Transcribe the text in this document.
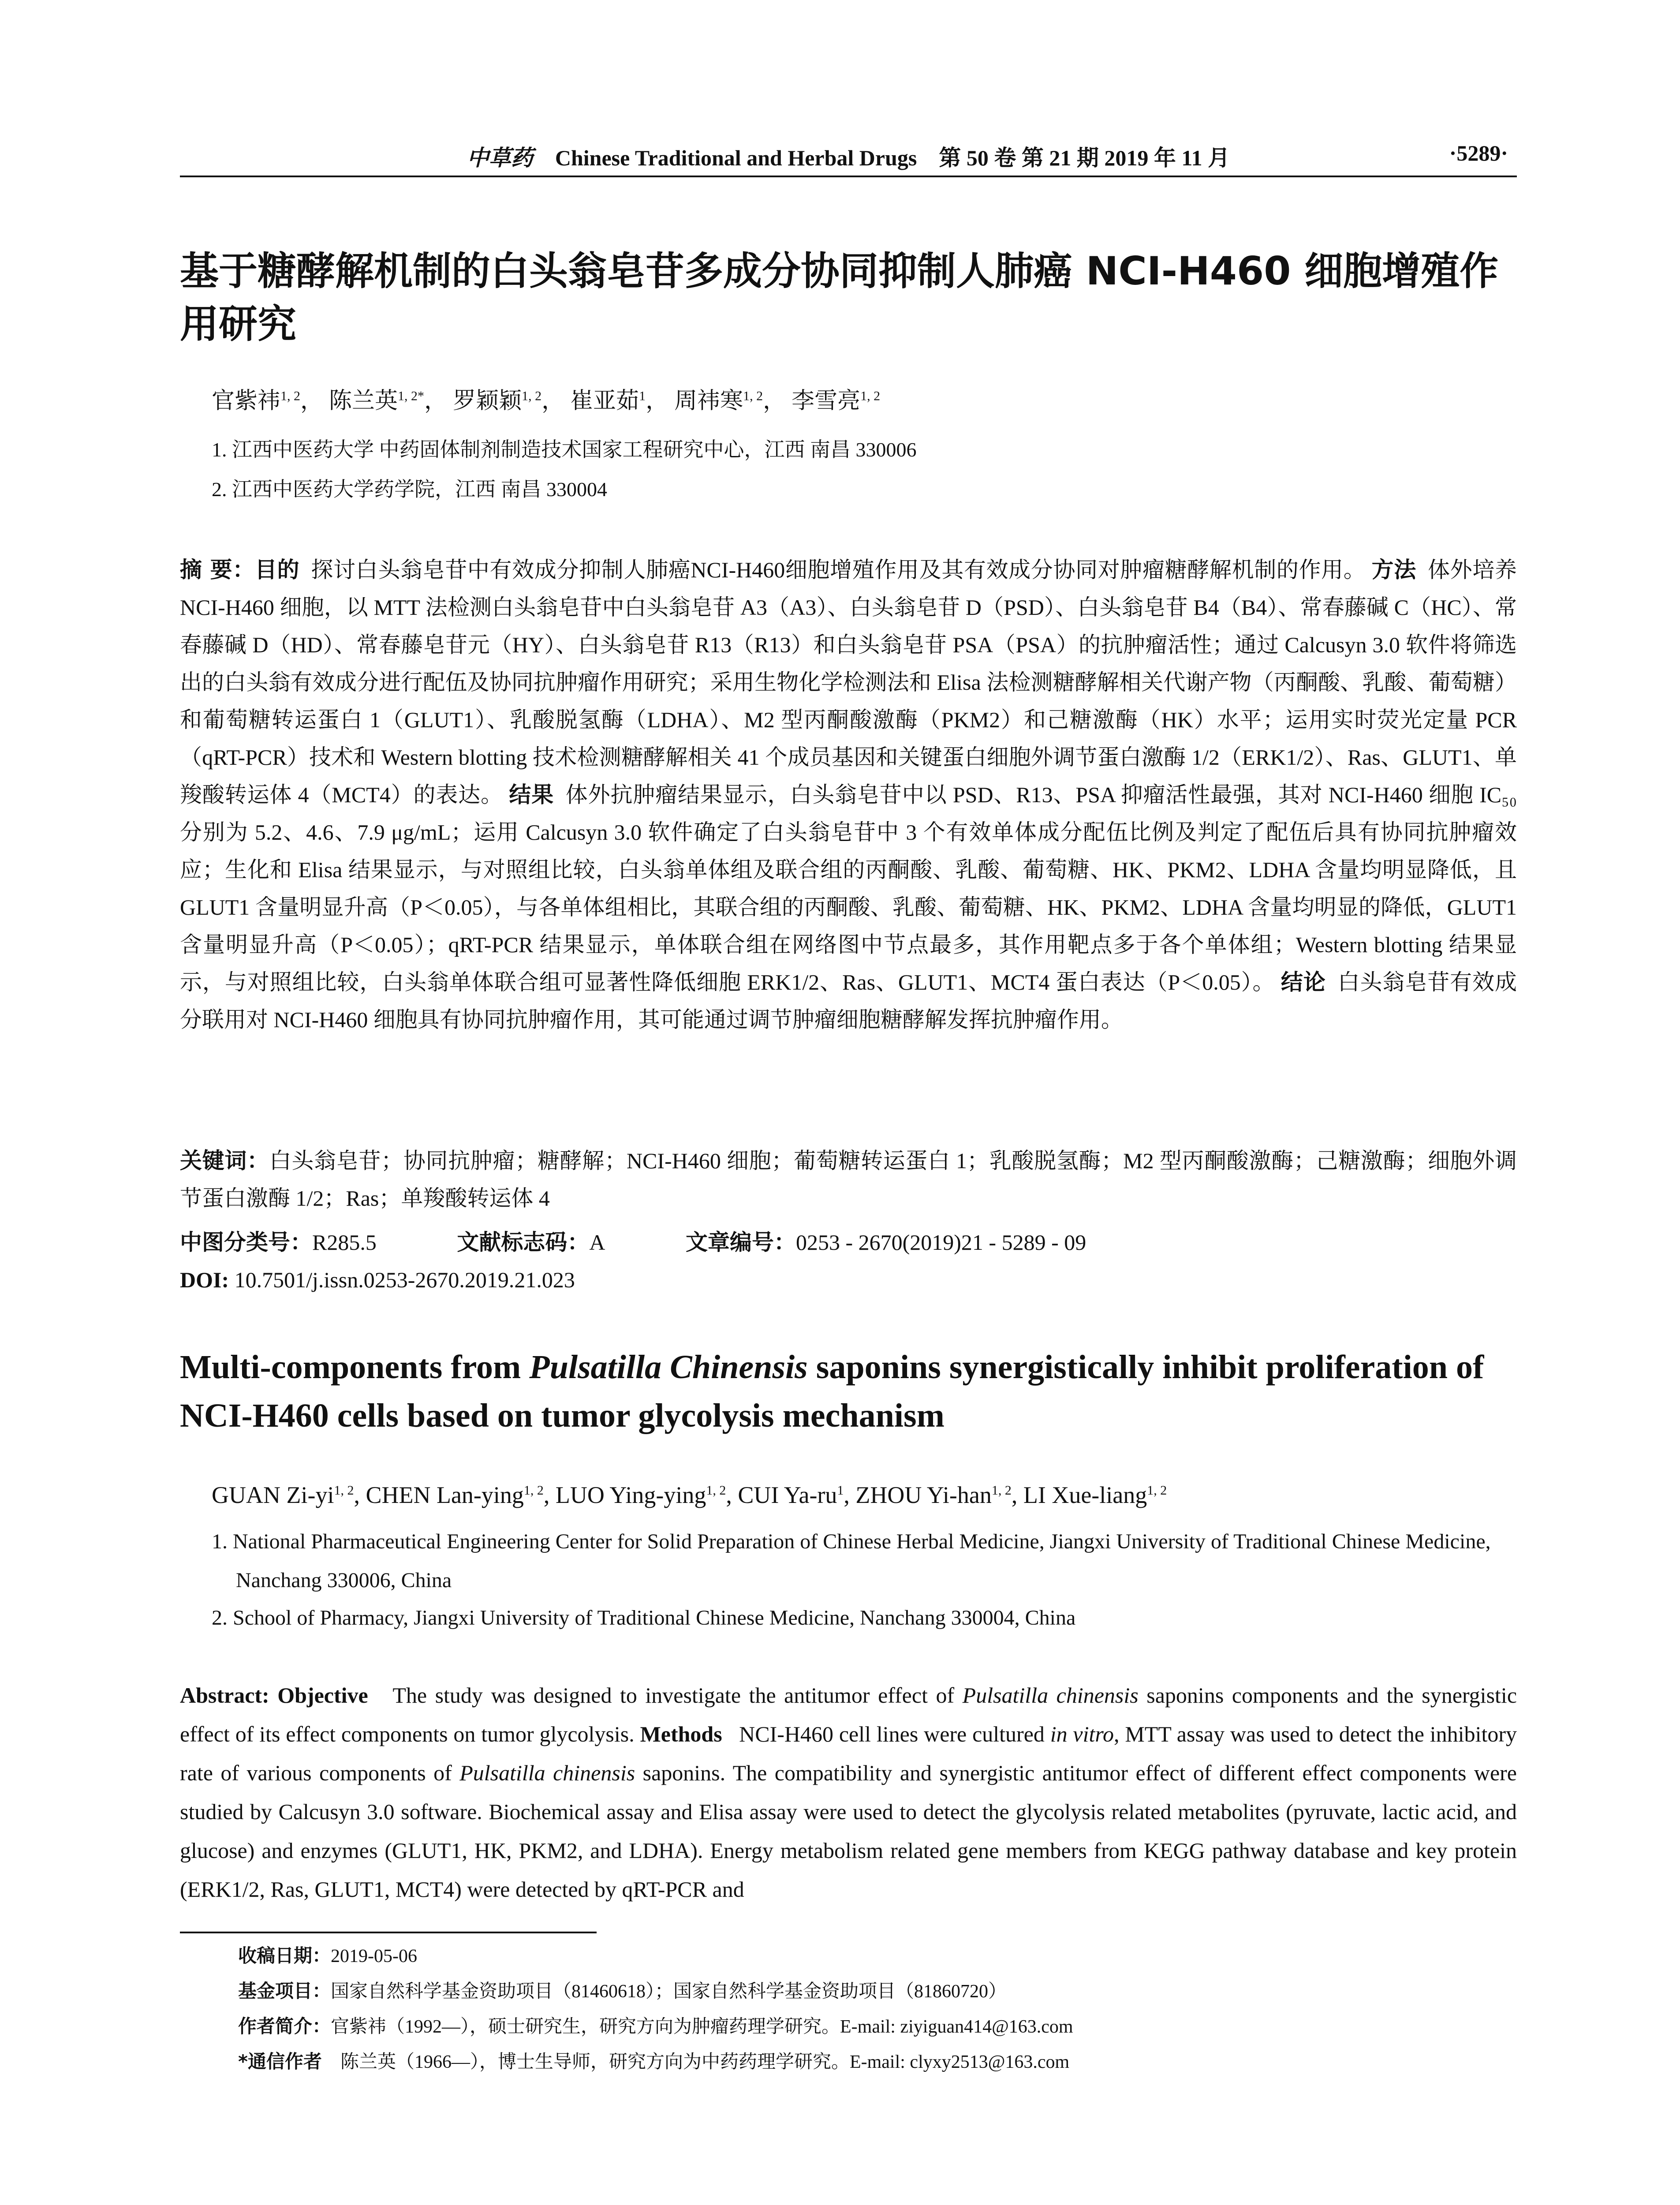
中草药 Chinese Traditional and Herbal Drugs 第 50 卷 第 21 期 2019 年 11 月	·5289·
基于糖酵解机制的白头翁皂苷多成分协同抑制人肺癌 NCI-H460 细胞增殖作用研究
官紫祎$^{1, 2}$， 陈兰英$^{1, 2*}$， 罗颖颖$^{1, 2}$， 崔亚茹$^1$， 周祎寒$^{1, 2}$， 李雪亮$^{1, 2}$
1. 江西中医药大学 中药固体制剂制造技术国家工程研究中心，江西 南昌 330006
2. 江西中医药大学药学院，江西 南昌 330004

摘 要：目的 探讨白头翁皂苷中有效成分抑制人肺癌NCI-H460细胞增殖作用及其有效成分协同对肿瘤糖酵解机制的作用。 方法 体外培养 NCI-H460 细胞，以 MTT 法检测白头翁皂苷中白头翁皂苷 A3（A3）、白头翁皂苷 D（PSD）、白头翁皂苷 B4（B4）、常春藤碱 C（HC）、常春藤碱 D（HD）、常春藤皂苷元（HY）、白头翁皂苷 R13（R13）和白头翁皂苷 PSA（PSA）的抗肿瘤活性；通过 Calcusyn 3.0 软件将筛选出的白头翁有效成分进行配伍及协同抗肿瘤作用研究；采用生物化学检测法和 Elisa 法检测糖酵解相关代谢产物（丙酮酸、乳酸、葡萄糖）和葡萄糖转运蛋白 1（GLUT1）、乳酸脱氢酶（LDHA）、M2 型丙酮酸激酶（PKM2）和己糖激酶（HK）水平；运用实时荧光定量 PCR（qRT-PCR）技术和 Western blotting 技术检测糖酵解相关 41 个成员基因和关键蛋白细胞外调节蛋白激酶 1/2（ERK1/2）、Ras、GLUT1、单羧酸转运体 4（MCT4）的表达。 结果 体外抗肿瘤结果显示，白头翁皂苷中以 PSD、R13、PSA 抑瘤活性最强，其对 NCI-H460 细胞 IC₅₀ 分别为 5.2、4.6、7.9 μg/mL；运用 Calcusyn 3.0 软件确定了白头翁皂苷中 3 个有效单体成分配伍比例及判定了配伍后具有协同抗肿瘤效应；生化和 Elisa 结果显示，与对照组比较，白头翁单体组及联合组的丙酮酸、乳酸、葡萄糖、HK、PKM2、LDHA 含量均明显降低，且 GLUT1 含量明显升高（P＜0.05），与各单体组相比，其联合组的丙酮酸、乳酸、葡萄糖、HK、PKM2、LDHA 含量均明显的降低，GLUT1 含量明显升高（P＜0.05）；qRT-PCR 结果显示，单体联合组在网络图中节点最多，其作用靶点多于各个单体组；Western blotting 结果显示，与对照组比较，白头翁单体联合组可显著性降低细胞 ERK1/2、Ras、GLUT1、MCT4 蛋白表达（P＜0.05）。 结论 白头翁皂苷有效成分联用对 NCI-H460 细胞具有协同抗肿瘤作用，其可能通过调节肿瘤细胞糖酵解发挥抗肿瘤作用。

关键词：白头翁皂苷；协同抗肿瘤；糖酵解；NCI-H460 细胞；葡萄糖转运蛋白 1；乳酸脱氢酶；M2 型丙酮酸激酶；己糖激酶；细胞外调节蛋白激酶 1/2；Ras；单羧酸转运体 4
中图分类号：R285.5	文献标志码：A	文章编号：0253 - 2670(2019)21 - 5289 - 09
DOI: 10.7501/j.issn.0253-2670.2019.21.023
Multi-components from Pulsatilla Chinensis saponins synergistically inhibit proliferation of NCI-H460 cells based on tumor glycolysis mechanism
GUAN Zi-yi$^{1, 2}$, CHEN Lan-ying$^{1, 2}$, LUO Ying-ying$^{1, 2}$, CUI $Ya-ru^1$, ZHOU Yi-han$^{1, 2}$, LI Xue-liang$^{1, 2}$
1. National Pharmaceutical Engineering Center for Solid Preparation of Chinese Herbal Medicine, Jiangxi University of Traditional Chinese Medicine, Nanchang 330006, China
2. School of Pharmacy, Jiangxi University of Traditional Chinese Medicine, Nanchang 330004, China

Abstract: Objective The study was designed to investigate the antitumor effect of Pulsatilla chinensis saponins components and the synergistic effect of its effect components on tumor glycolysis. Methods NCI-H460 cell lines were cultured in vitro, MTT assay was used to detect the inhibitory rate of various components of Pulsatilla chinensis saponins. The compatibility and synergistic antitumor effect of different effect components were studied by Calcusyn 3.0 software. Biochemical assay and Elisa assay were used to detect the glycolysis related metabolites (pyruvate, lactic acid, and glucose) and enzymes (GLUT1, HK, PKM2, and LDHA). Energy metabolism related gene members from KEGG pathway database and key protein (ERK1/2, Ras, GLUT1, MCT4) were detected by qRT-PCR and

收稿日期：2019-05-06
基金项目：国家自然科学基金资助项目（81460618）；国家自然科学基金资助项目（81860720）
作者简介：官紫祎（1992—），硕士研究生，研究方向为肿瘤药理学研究。E-mail: ziyiguan414@163.com
*通信作者　陈兰英（1966—），博士生导师，研究方向为中药药理学研究。E-mail: clyxy2513@163.com
